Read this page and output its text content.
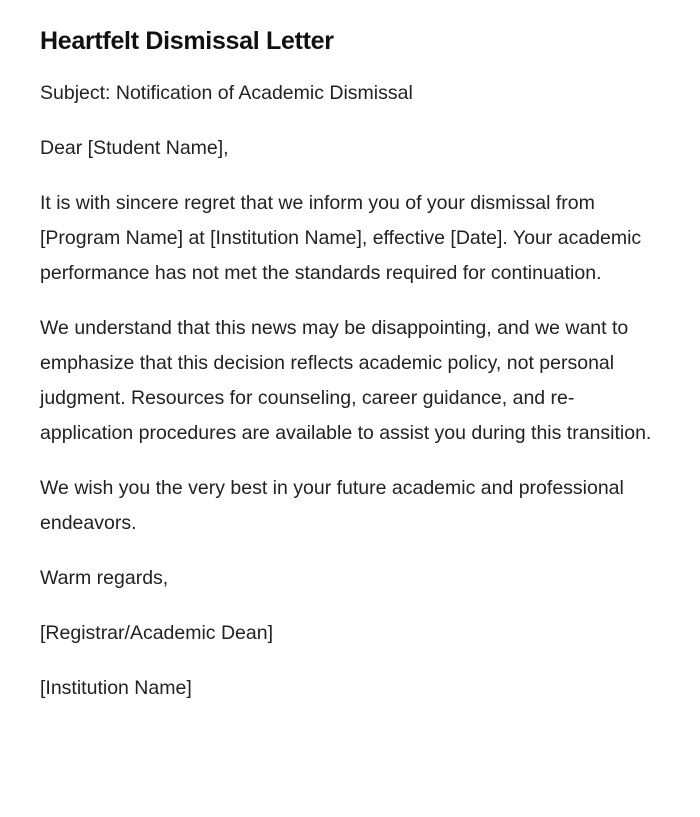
Heartfelt Dismissal Letter

Subject: Notification of Academic Dismissal

Dear [Student Name],

It is with sincere regret that we inform you of your dismissal from [Program Name] at [Institution Name], effective [Date]. Your academic performance has not met the standards required for continuation.

We understand that this news may be disappointing, and we want to emphasize that this decision reflects academic policy, not personal judgment. Resources for counseling, career guidance, and re-application procedures are available to assist you during this transition.

We wish you the very best in your future academic and professional endeavors.

Warm regards,

[Registrar/Academic Dean]

[Institution Name]
